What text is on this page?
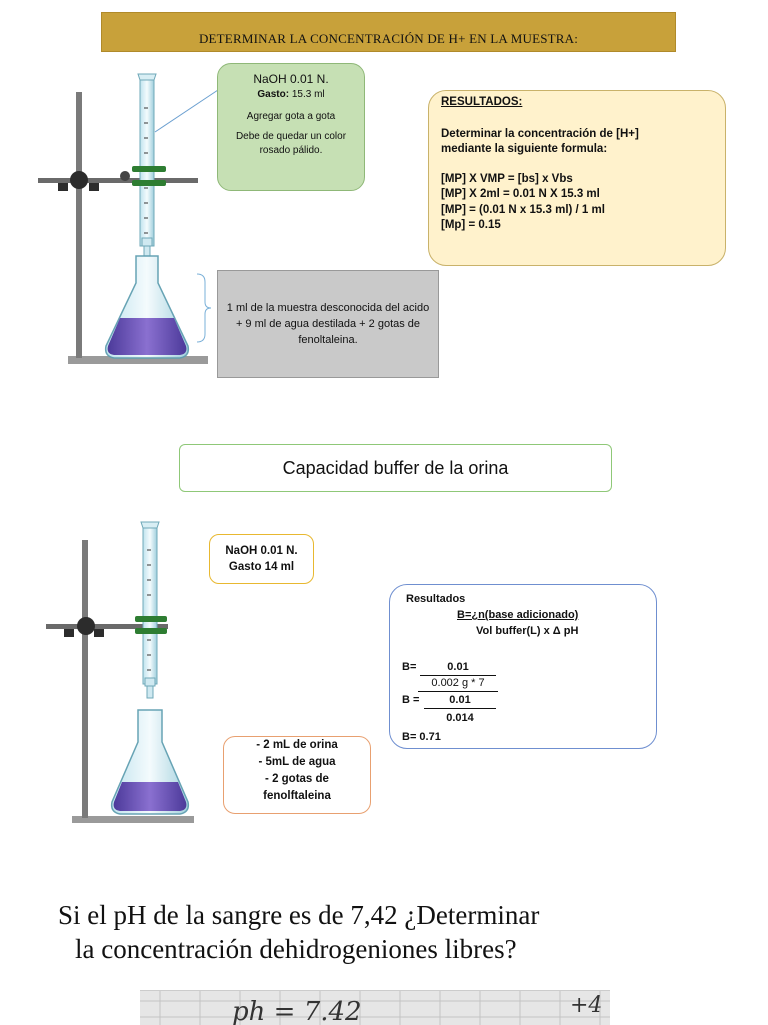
DETERMINAR LA CONCENTRACIÓN DE H+ EN LA MUESTRA:
NaOH 0.01 N.
Gasto: 15.3 ml
Agregar gota a gota
Debe de quedar un color rosado pálido.
RESULTADOS:
Determinar la concentración de [H+]
mediante la siguiente formula:
[MP] X VMP = [bs] x Vbs
[MP] X 2ml = 0.01 N X 15.3 ml
[MP] = (0.01 N x 15.3 ml) / 1 ml
[Mp] = 0.15
1 ml de la muestra desconocida del acido + 9 ml de agua destilada + 2 gotas de fenoltaleina.
Capacidad buffer de la orina
NaOH 0.01 N.
Gasto 14 ml
Resultados
B=¿n(base adicionado)
Vol buffer(L) x Δ pH
B=	0.01
0.002 g * 7
B =	0.01
0.014
B= 0.71
- 2 mL de orina
- 5mL de agua
- 2 gotas de
fenolftaleina
Si el pH de la sangre es de 7,42 ¿Determinar
la concentración dehidrogeniones libres?
ph = 7.42	+4
